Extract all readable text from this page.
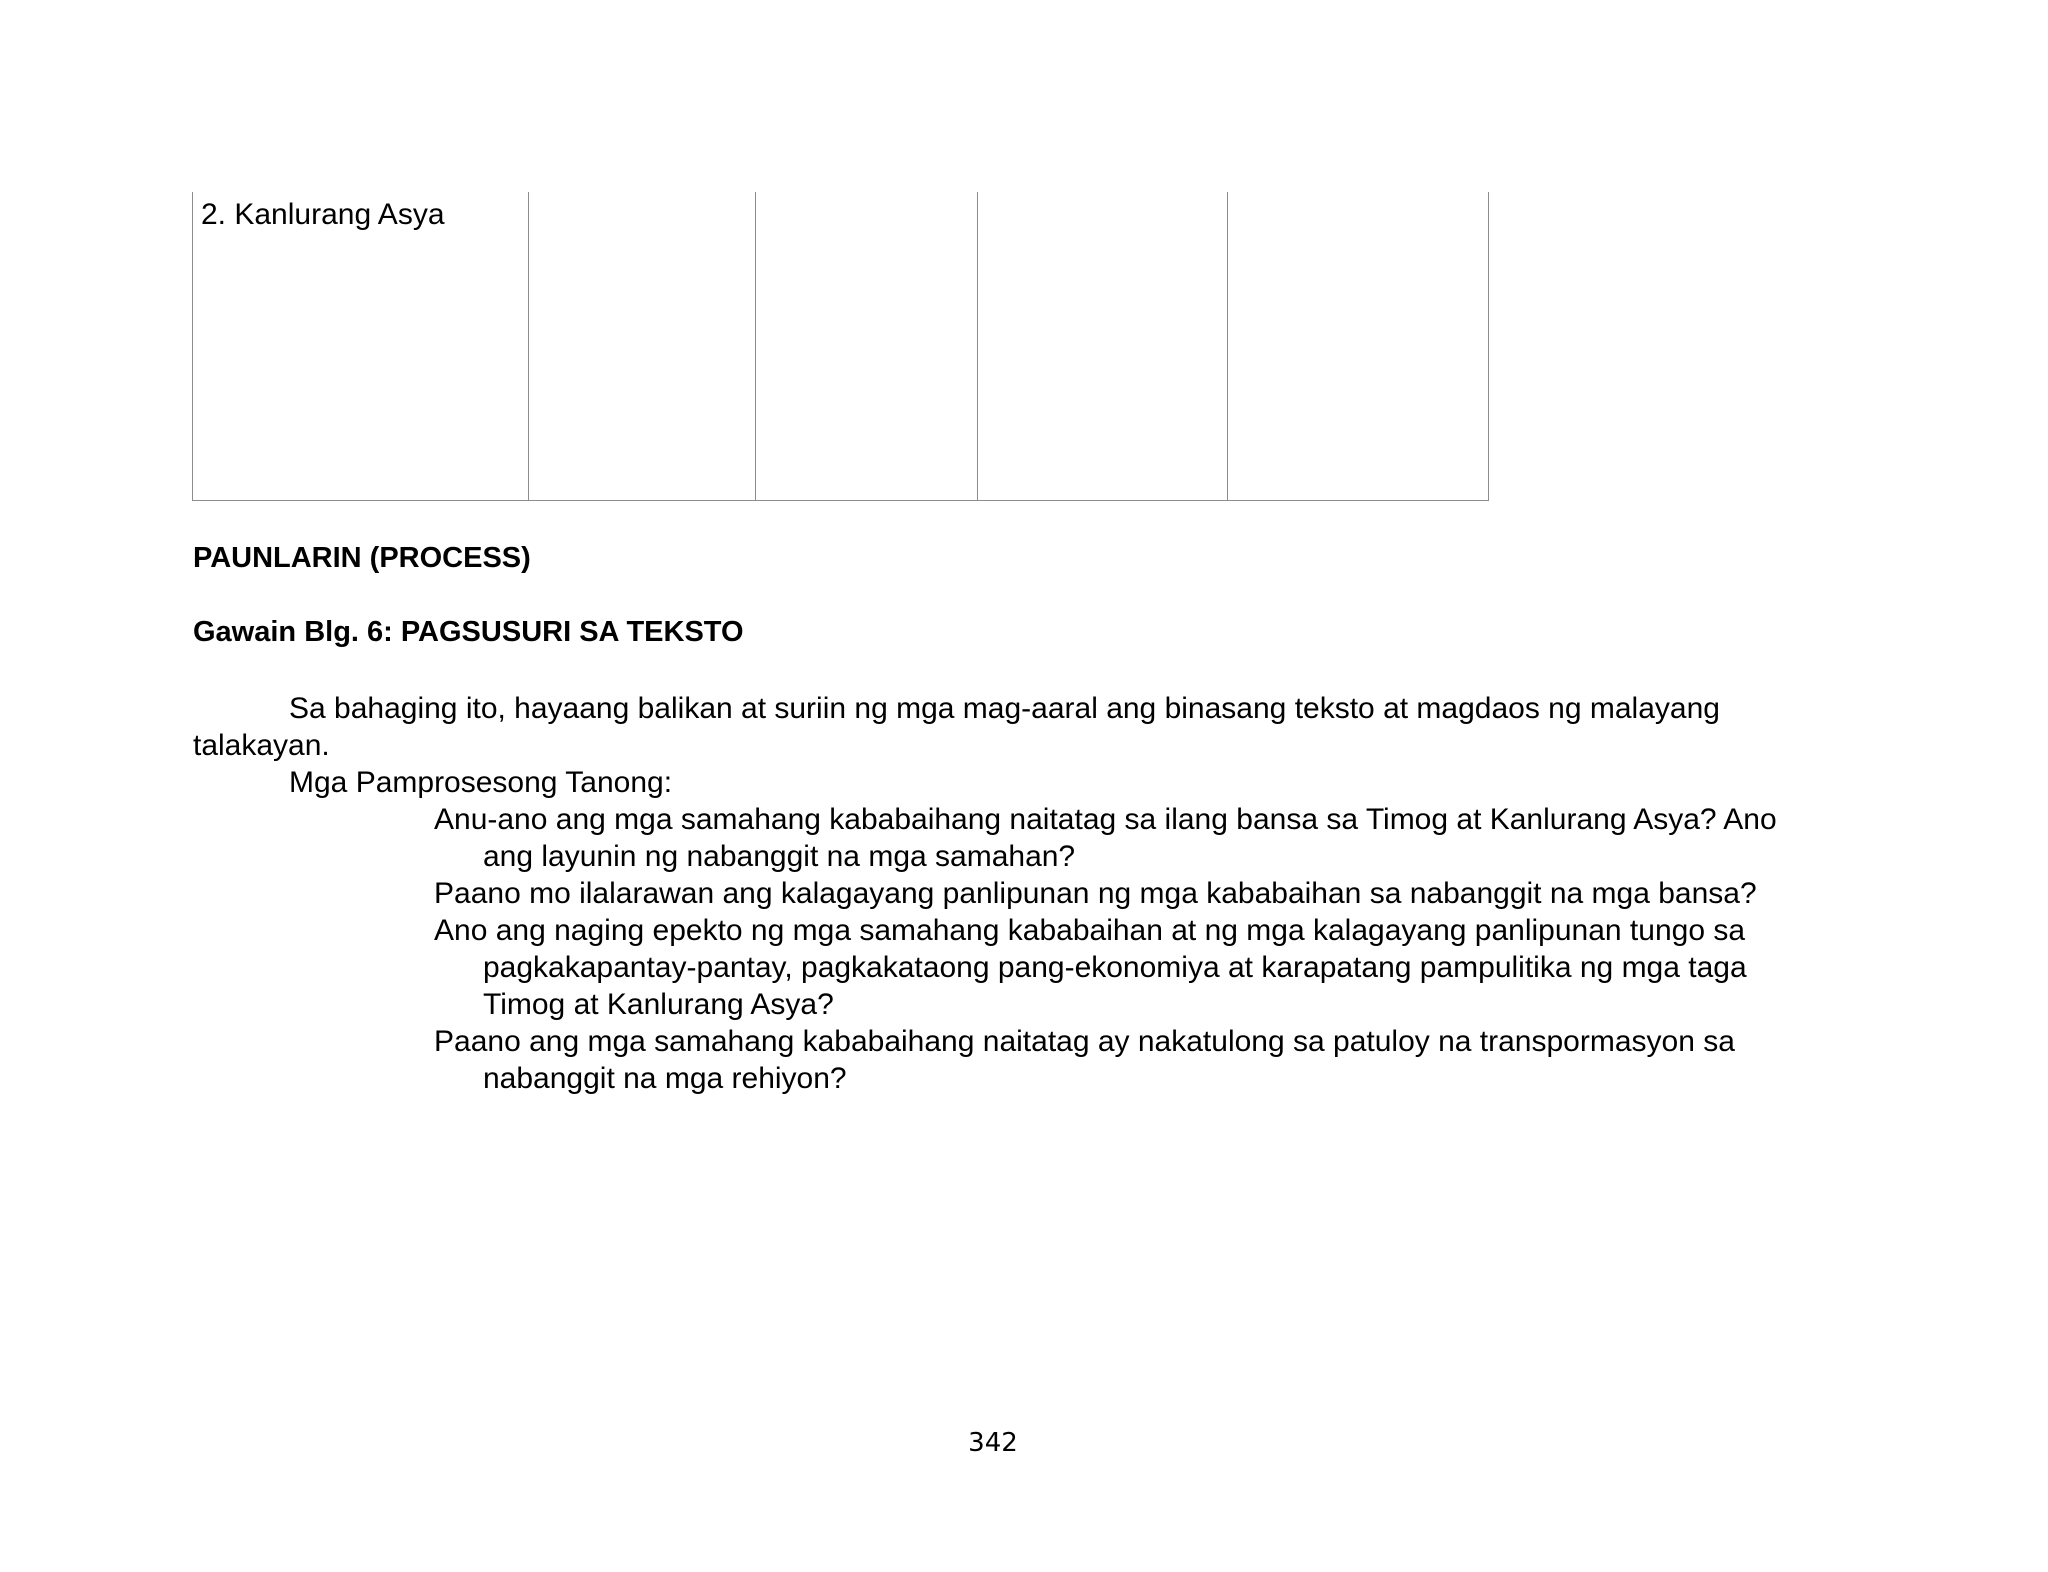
2. Kanlurang Asya

PAUNLARIN (PROCESS)
Gawain Blg. 6: PAGSUSURI SA TEKSTO

Sa bahaging ito, hayaang balikan at suriin ng mga mag-aaral ang binasang teksto at magdaos ng malayang talakayan.

Mga Pamprosesong Tanong:

Anu-ano ang mga samahang kababaihang naitatag sa ilang bansa sa Timog at Kanlurang Asya? Ano ang layunin ng nabanggit na mga samahan?
Paano mo ilalarawan ang kalagayang panlipunan ng mga kababaihan sa nabanggit na mga bansa?
Ano ang naging epekto ng mga samahang kababaihan at ng mga kalagayang panlipunan tungo sa pagkakapantay-pantay, pagkakataong pang-ekonomiya at karapatang pampulitika ng mga taga Timog at Kanlurang Asya?
Paano ang mga samahang kababaihang naitatag ay nakatulong sa patuloy na transpormasyon sa nabanggit na mga rehiyon?
342
